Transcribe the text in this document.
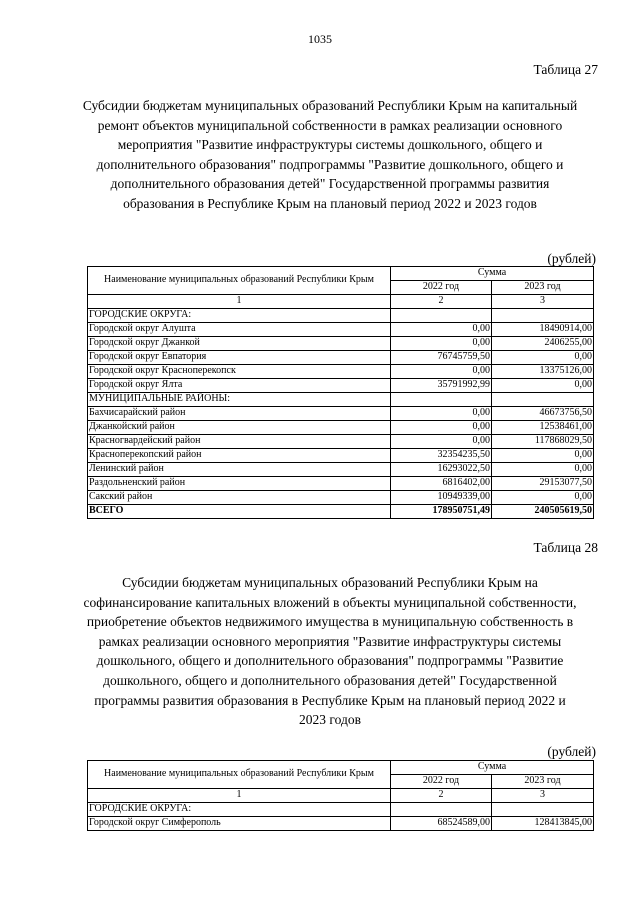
1035
Таблица 27
Субсидии бюджетам муниципальных образований Республики Крым на капитальный ремонт объектов муниципальной собственности в рамках реализации основного мероприятия "Развитие инфраструктуры системы дошкольного, общего и дополнительного образования" подпрограммы "Развитие дошкольного, общего и дополнительного образования детей" Государственной программы развития образования в Республике Крым на плановый период 2022 и 2023 годов
(рублей)
Наименование муниципальных образований Республики Крым	Сумма	
	2022 год	2023 год
1	2	3
ГОРОДСКИЕ ОКРУГА:		
Городской округ Алушта	0,00	18490914,00
Городской округ Джанкой	0,00	2406255,00
Городской округ Евпатория	76745759,50	0,00
Городской округ Красноперекопск	0,00	13375126,00
Городской округ Ялта	35791992,99	0,00
МУНИЦИПАЛЬНЫЕ РАЙОНЫ:		
Бахчисарайский район	0,00	46673756,50
Джанкойский район	0,00	12538461,00
Красногвардейский район	0,00	117868029,50
Красноперекопский район	32354235,50	0,00
Ленинский район	16293022,50	0,00
Раздольненский район	6816402,00	29153077,50
Сакский район	10949339,00	0,00
ВСЕГО	178950751,49	240505619,50
Таблица 28
Субсидии бюджетам муниципальных образований Республики Крым на софинансирование капитальных вложений в объекты муниципальной собственности, приобретение объектов недвижимого имущества в муниципальную собственность в рамках реализации основного мероприятия "Развитие инфраструктуры системы дошкольного, общего и дополнительного образования" подпрограммы "Развитие дошкольного, общего и дополнительного образования детей" Государственной программы развития образования в Республике Крым на плановый период 2022 и 2023 годов
(рублей)
Наименование муниципальных образований Республики Крым	Сумма	
	2022 год	2023 год
1	2	3
ГОРОДСКИЕ ОКРУГА:		
Городской округ Симферополь	68524589,00	128413845,00
